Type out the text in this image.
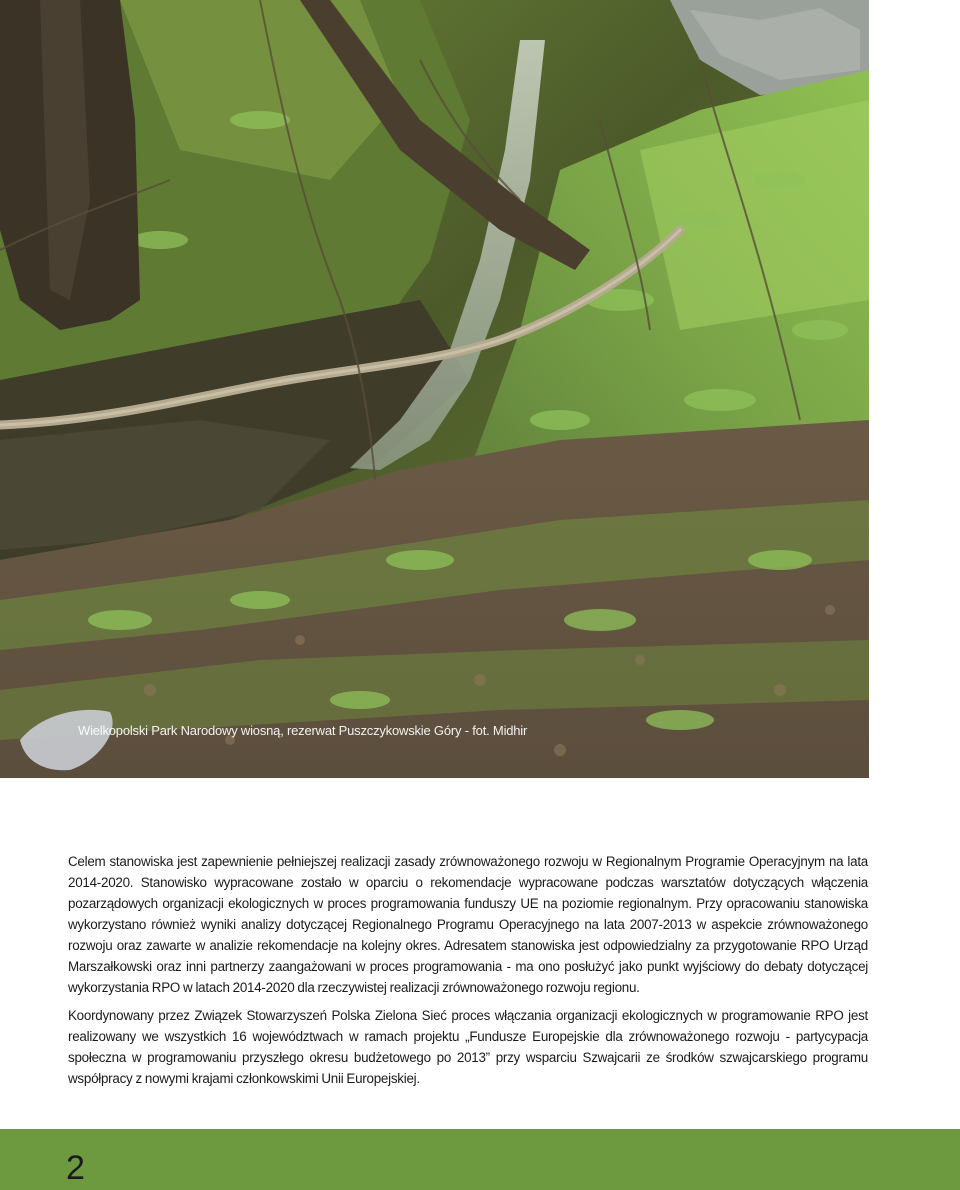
Wielkopolski Park Narodowy wiosną, rezerwat Puszczykowskie Góry - fot. Midhir

Celem stanowiska jest zapewnienie pełniejszej realizacji zasady zrównoważonego rozwoju w Regionalnym Programie Operacyjnym na lata 2014-2020. Stanowisko wypracowane zostało w oparciu o rekomendacje wypracowane podczas warsztatów dotyczących włączenia pozarządowych organizacji ekologicznych w proces programowania funduszy UE na poziomie regionalnym. Przy opracowaniu stanowiska wykorzystano również wyniki analizy dotyczącej Regionalnego Programu Operacyjnego na lata 2007-2013 w aspekcie zrównoważonego rozwoju oraz zawarte w analizie rekomendacje na kolejny okres. Adresatem stanowiska jest odpowiedzialny za przygotowanie RPO Urząd Marszałkowski oraz inni partnerzy zaangażowani w proces programowania - ma ono posłużyć jako punkt wyjściowy do debaty dotyczącej wykorzystania RPO w latach 2014-2020 dla rzeczywistej realizacji zrównoważonego rozwoju regionu.

Koordynowany przez Związek Stowarzyszeń Polska Zielona Sieć proces włączania organizacji ekologicznych w programowanie RPO jest realizowany we wszystkich 16 województwach w ramach projektu „Fundusze Europejskie dla zrównoważonego rozwoju - partycypacja społeczna w programowaniu przyszłego okresu budżetowego po 2013” przy wsparciu Szwajcarii ze środków szwajcarskiego programu współpracy z nowymi krajami członkowskimi Unii Europejskiej.

2
